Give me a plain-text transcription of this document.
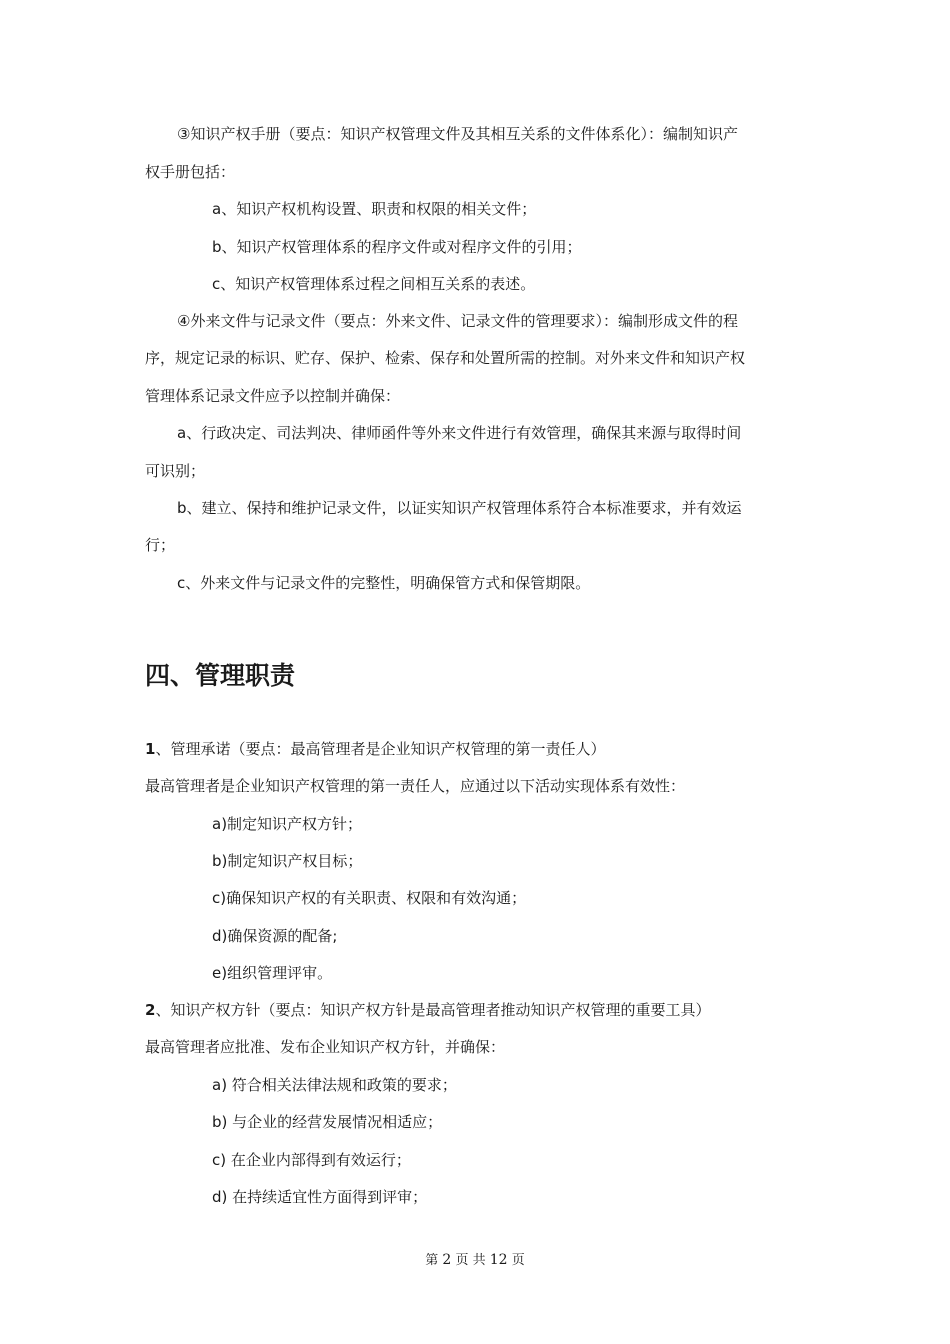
③知识产权手册（要点：知识产权管理文件及其相互关系的文件体系化）：编制知识产

权手册包括：

a、知识产权机构设置、职责和权限的相关文件；

b、知识产权管理体系的程序文件或对程序文件的引用；

c、知识产权管理体系过程之间相互关系的表述。

④外来文件与记录文件（要点：外来文件、记录文件的管理要求）：编制形成文件的程

序，规定记录的标识、贮存、保护、检索、保存和处置所需的控制。对外来文件和知识产权

管理体系记录文件应予以控制并确保：

a、行政决定、司法判决、律师函件等外来文件进行有效管理，确保其来源与取得时间

可识别；

b、建立、保持和维护记录文件，以证实知识产权管理体系符合本标准要求，并有效运

行；

c、外来文件与记录文件的完整性，明确保管方式和保管期限。

四、管理职责

1、管理承诺（要点：最高管理者是企业知识产权管理的第一责任人）

最高管理者是企业知识产权管理的第一责任人，应通过以下活动实现体系有效性：

a)制定知识产权方针；

b)制定知识产权目标；

c)确保知识产权的有关职责、权限和有效沟通；

d)确保资源的配备;

e)组织管理评审。

2、知识产权方针（要点：知识产权方针是最高管理者推动知识产权管理的重要工具）

最高管理者应批准、发布企业知识产权方针，并确保：

a) 符合相关法律法规和政策的要求；

b) 与企业的经营发展情况相适应；

c) 在企业内部得到有效运行；

d) 在持续适宜性方面得到评审；

第 2 页 共 12 页
